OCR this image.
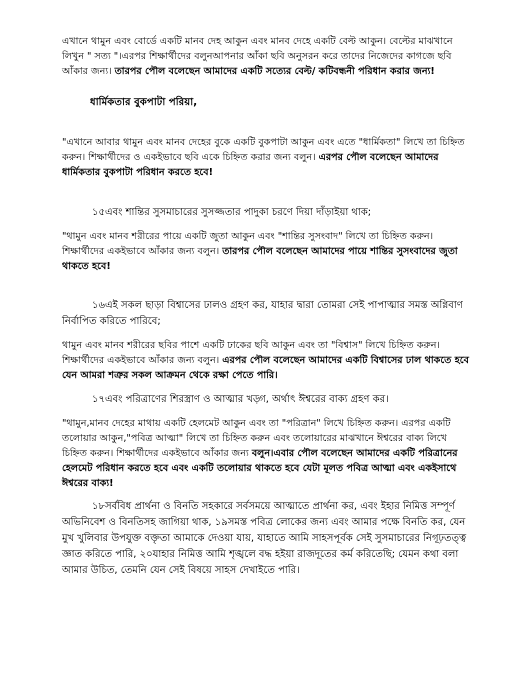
এখানে থামুন এবং বোর্ডে একটি মানব দেহ আকুন এবং মানব দেহে একটি বেল্ট আকুন। বেল্টের মাঝখানে লিখুন " সত্য "।এরপর শিক্ষার্থীদের বলুনআপনার আঁকা ছবি অনুসরন করে তাদের নিজেদের কাগজে ছবি আঁকার জন্য। তারপর পৌল বলেছেন আমাদের একটি সত্যের বেল্ট/ কটিবন্ধনী পরিধান করার জন্য!

ধার্মিকতার বুকপাটা পরিয়া,

"এখানে আবার থামুন এবং মানব দেহের বুকে একটি বুকপাটা আকুন এবং এতে "ধার্মিকতা" লিখে তা চিহ্নিত করুন। শিক্ষার্থীদের ও একইভাবে ছবি একে চিহ্নিত করার জন্য বলুন। এরপর পৌল বলেছেন আমাদের ধার্মিকতার বুকপাটা পরিধান করতে হবে!

১৫এবং শান্তির সুসমাচারের সুসজ্জতার পাদুকা চরণে দিয়া দাঁড়াইয়া থাক;

"থামুন এবং মানব শরীরের পায়ে একটি জুতা আকুন এবং "শান্তির সুসংবাদ" লিখে তা চিহ্নিত করুন। শিক্ষার্থীদের একইভাবে আঁকার জন্য বলুন। তারপর পৌল বলেছেন আমাদের পায়ে শান্তির সুসংবাদের জুতা থাকতে হবে!

১৬এই সকল ছাড়া বিশ্বাসের ঢালও গ্রহণ কর, যাহার দ্বারা তোমরা সেই পাপাত্মার সমস্ত অগ্নিবাণ নির্বাপিত করিতে পারিবে;

থামুন এবং মানব শরীরের ছবির পাশে একটি ঢাকের ছবি আকুন এবং তা "বিশ্বাস" লিখে চিহ্নিত করুন। শিক্ষার্থীদের একইভাবে আঁকার জন্য বলুন। এরপর পৌল বলেছেন আমাদের একটি বিশ্বাসের ঢাল থাকতে হবে যেন আমরা শত্রুর সকল আক্রমন থেকে রক্ষা পেতে পারি।

১৭এবং পরিত্রাণের শিরস্ত্রাণ ও আত্মার খড়্গ, অর্থাৎ ঈশ্বরের বাক্য গ্রহণ কর।

"থামুন,মানব দেহের মাথায় একটি হেলমেট আকুন এবং তা "পরিত্রান" লিখে চিহ্নিত করুন। এরপর একটি তলোয়ার আকুন,"পবিত্র আত্মা" লিখে তা চিহ্নিত করুন এবং তলোয়ারের মাঝখানে ঈশ্বরের বাক্য লিখে চিহ্নিত করুন। শিক্ষার্থীদের একইভাবে আঁকার জন্য বলুন।এবার পৌল বলেছেন আমাদের একটি পরিত্রানের হেলমেট পরিধান করতে হবে এবং একটি তলোয়ার থাকতে হবে যেটা মূলত পবিত্র আত্মা এবং একইসাথে ঈশ্বরের বাক্য!

১৮সর্ববিধ প্রার্থনা ও বিনতি সহকারে সর্বসময়ে আত্মাতে প্রার্থনা কর, এবং ইহার নিমিত্ত সম্পূর্ণ অভিনিবেশ ও বিনতিসহ জাগিয়া থাক, ১৯সমস্ত পবিত্র লোকের জন্য এবং আমার পক্ষে বিনতি কর, যেন মুখ খুলিবার উপযুক্ত বক্তৃতা আমাকে দেওয়া যায়, যাহাতে আমি সাহসপূর্বক সেই সুসমাচারের নিগূঢ়তত্ত্ব জ্ঞাত করিতে পারি, ২০যাহার নিমিত্ত আমি শৃঙ্খলে বদ্ধ হইয়া রাজদূতের কর্ম করিতেছি; যেমন কথা বলা আমার উচিত, তেমনি যেন সেই বিষয়ে সাহস দেখাইতে পারি।
